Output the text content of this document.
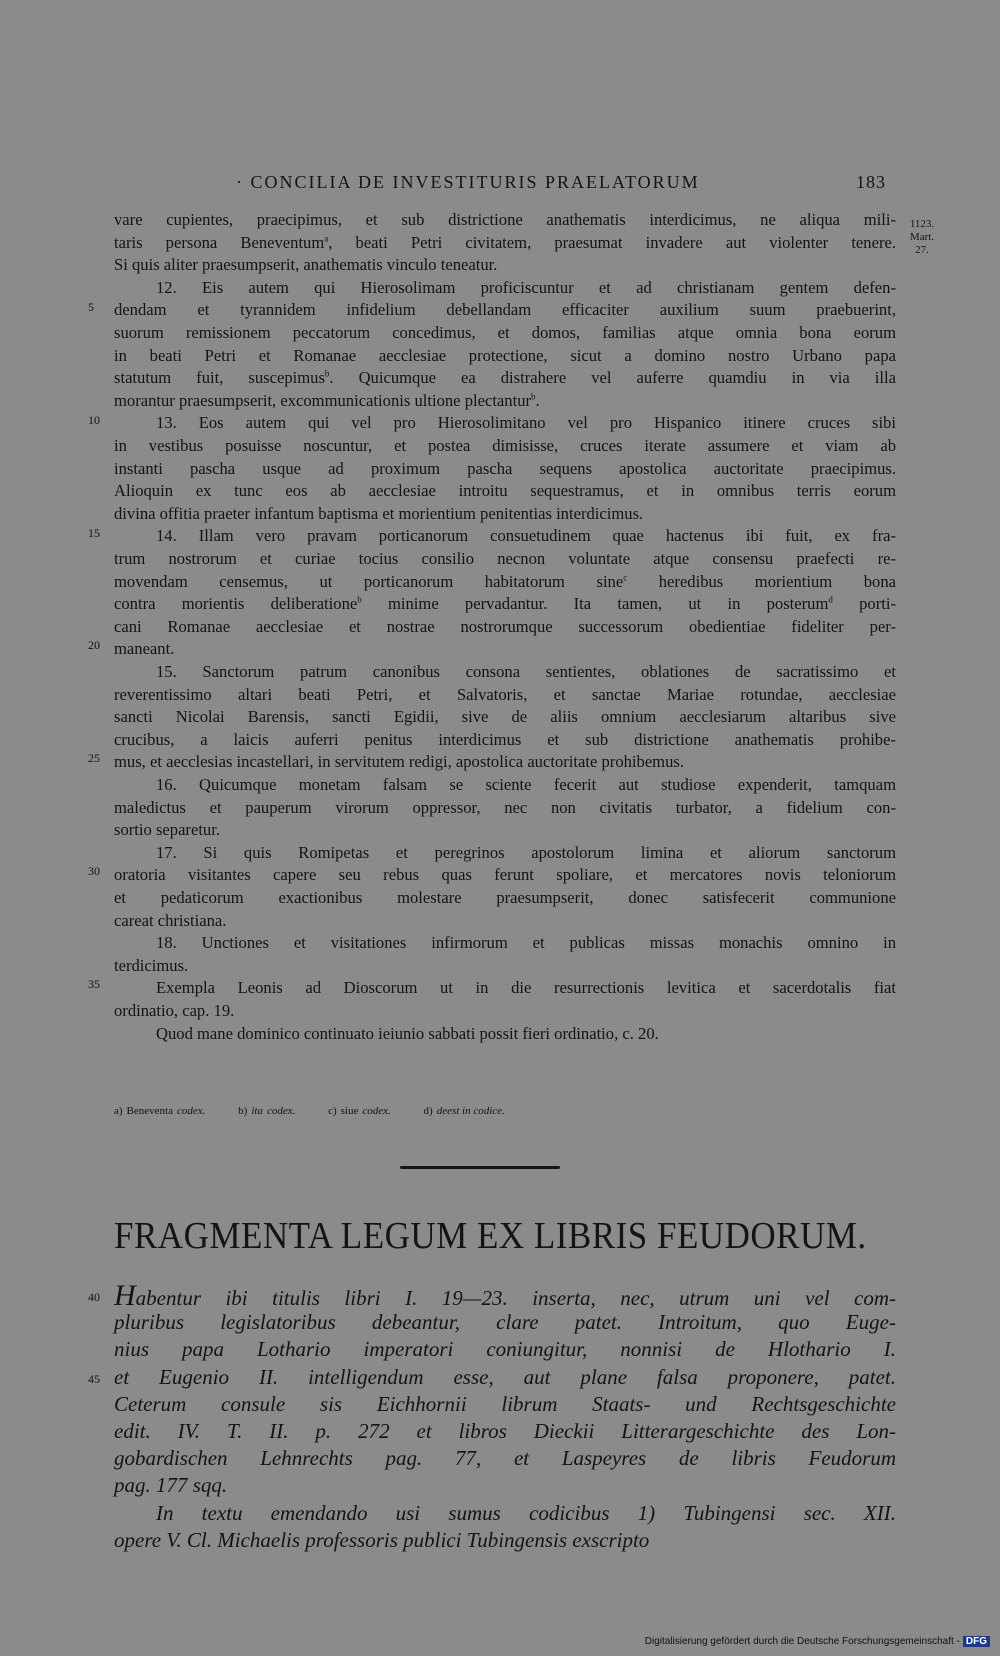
· CONCILIA DE INVESTITURIS PRAELATORUM	183
1123.
Mart.
27.
vare cupientes, praecipimus, et sub districtione anathematis interdicimus, ne aliqua mili-
taris persona Beneventum$^a$, beati Petri civitatem, praesumat invadere aut violenter tenere.
Si quis aliter praesumpserit, anathematis vinculo teneatur.
12. Eis autem qui Hierosolimam proficiscuntur et ad christianam gentem defen-
dendam et tyrannidem infidelium debellandam efficaciter auxilium suum praebuerint,
suorum remissionem peccatorum concedimus, et domos, familias atque omnia bona eorum
in beati Petri et Romanae aecclesiae protectione, sicut a domino nostro Urbano papa
statutum fuit, suscepimus$^b$. Quicumque ea distrahere vel auferre quamdiu in via illa
morantur praesumpserit, excommunicationis ultione plectantur$^b$.
13. Eos autem qui vel pro Hierosolimitano vel pro Hispanico itinere cruces sibi
in vestibus posuisse noscuntur, et postea dimisisse, cruces iterate assumere et viam ab
instanti pascha usque ad proximum pascha sequens apostolica auctoritate praecipimus.
Alioquin ex tunc eos ab aecclesiae introitu sequestramus, et in omnibus terris eorum
divina offitia praeter infantum baptisma et morientium penitentias interdicimus.
14. Illam vero pravam porticanorum consuetudinem quae hactenus ibi fuit, ex fra-
trum nostrorum et curiae tocius consilio necnon voluntate atque consensu praefecti re-
movendam censemus, ut porticanorum habitatorum sine$^c$ heredibus morientium bona
contra morientis deliberatione$^b$ minime pervadantur. Ita tamen, ut in posterum$^d$ porti-
cani Romanae aecclesiae et nostrae nostrorumque successorum obedientiae fideliter per-
maneant.
15. Sanctorum patrum canonibus consona sentientes, oblationes de sacratissimo et
reverentissimo altari beati Petri, et Salvatoris, et sanctae Mariae rotundae, aecclesiae
sancti Nicolai Barensis, sancti Egidii, sive de aliis omnium aecclesiarum altaribus sive
crucibus, a laicis auferri penitus interdicimus et sub districtione anathematis prohibe-
mus, et aecclesias incastellari, in servitutem redigi, apostolica auctoritate prohibemus.
16. Quicumque monetam falsam se sciente fecerit aut studiose expenderit, tamquam
maledictus et pauperum virorum oppressor, nec non civitatis turbator, a fidelium con-
sortio separetur.
17. Si quis Romipetas et peregrinos apostolorum limina et aliorum sanctorum
oratoria visitantes capere seu rebus quas ferunt spoliare, et mercatores novis teloniorum
et pedaticorum exactionibus molestare praesumpserit, donec satisfecerit communione
careat christiana.
18. Unctiones et visitationes infirmorum et publicas missas monachis omnino in
terdicimus.
Exempla Leonis ad Dioscorum ut in die resurrectionis levitica et sacerdotalis fiat
ordinatio, cap. 19.
Quod mane dominico continuato ieiunio sabbati possit fieri ordinatio, c. 20.
5
10
15
20
25
30
35
40
45
a) Beneventa codex.	b) ita codex.	c) siue codex.	d) deest in codice.
FRAGMENTA LEGUM EX LIBRIS FEUDORUM.
Habentur ibi titulis libri I. 19—23. inserta, nec, utrum uni vel com-
pluribus legislatoribus debeantur, clare patet. Introitum, quo Euge-
nius papa Lothario imperatori coniungitur, nonnisi de Hlothario I.
et Eugenio II. intelligendum esse, aut plane falsa proponere, patet.
Ceterum consule sis Eichhornii librum Staats- und Rechtsgeschichte
edit. IV. T. II. p. 272 et libros Dieckii Litterargeschichte des Lon-
gobardischen Lehnrechts pag. 77, et Laspeyres de libris Feudorum
pag. 177 sqq.
In textu emendando usi sumus codicibus 1) Tubingensi sec. XII.
opere V. Cl. Michaelis professoris publici Tubingensis exscripto
Digitalisierung gefördert durch die Deutsche Forschungsgemeinschaft - DFG
